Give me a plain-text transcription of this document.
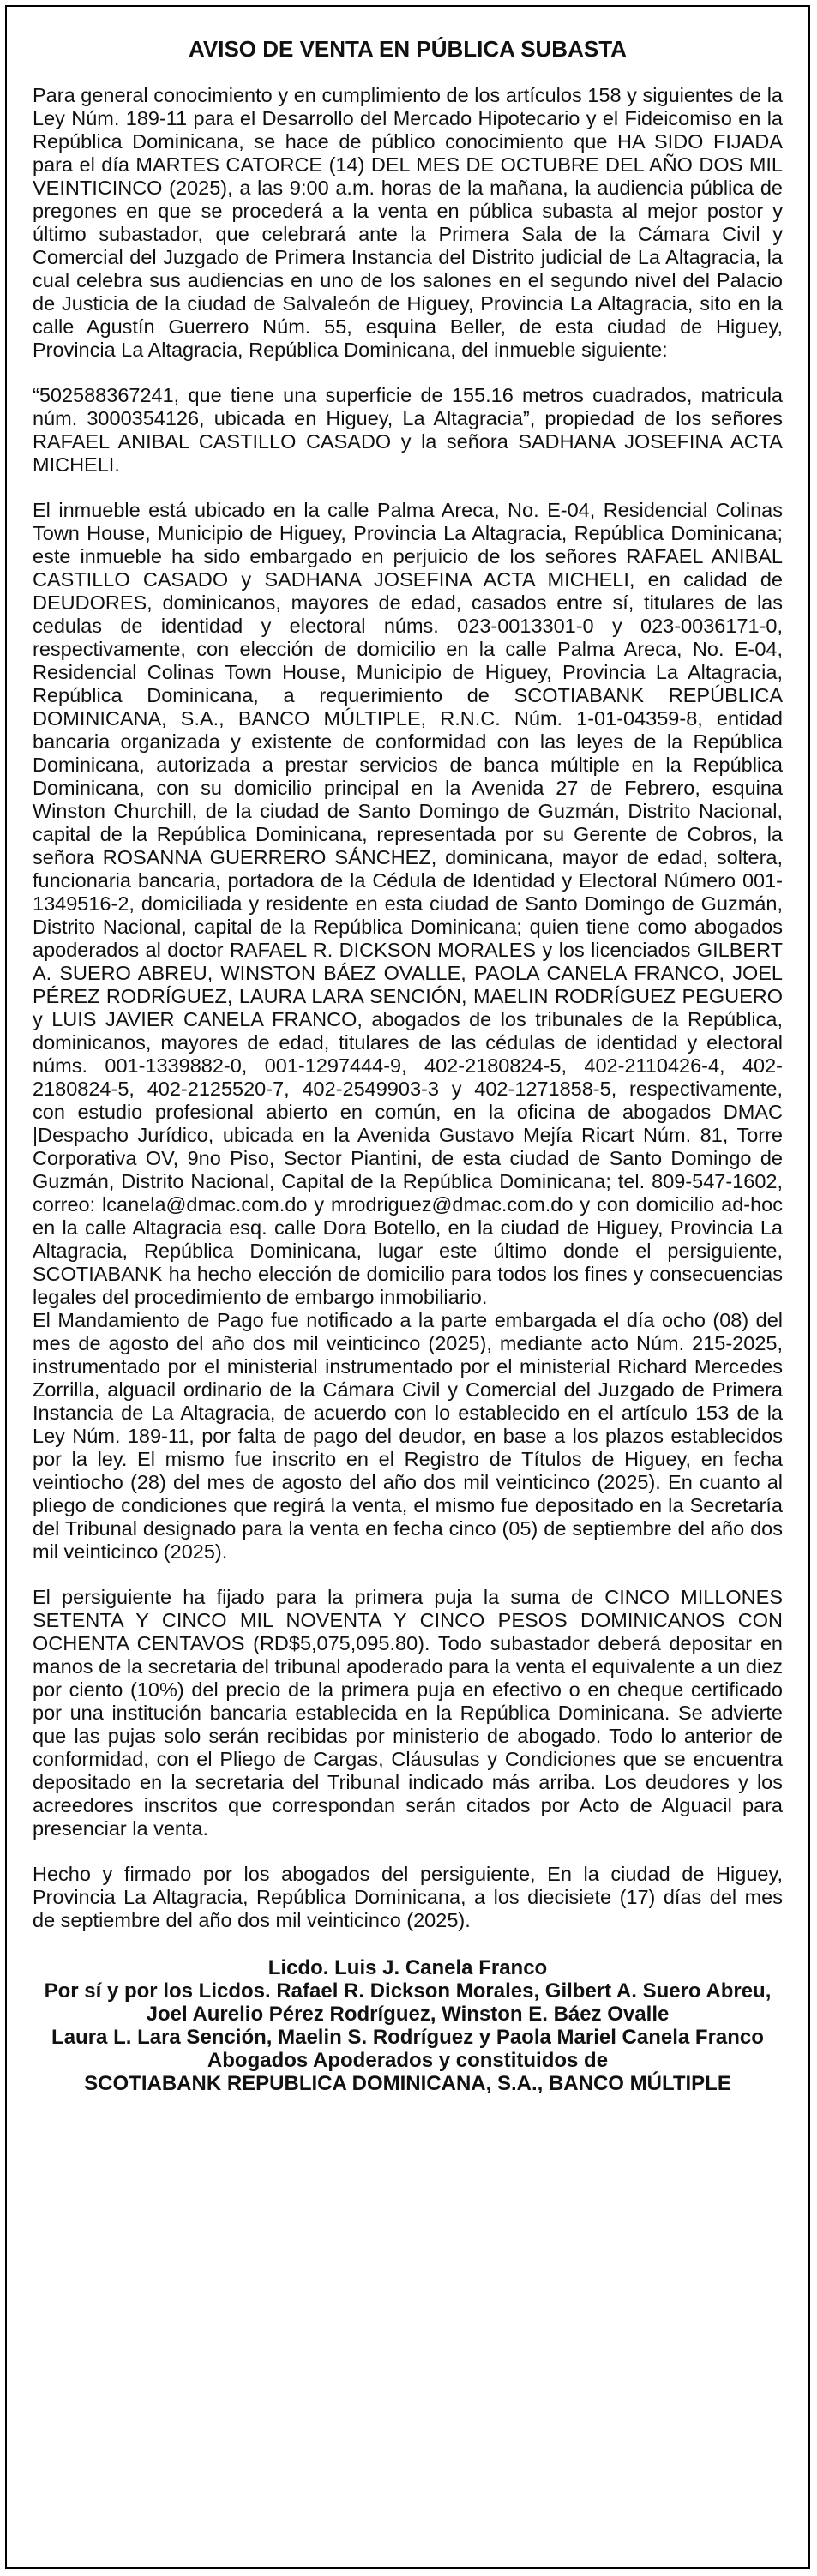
AVISO DE VENTA EN PÚBLICA SUBASTA

Para general conocimiento y en cumplimiento de los artículos 158 y siguientes de la Ley Núm. 189-11 para el Desarrollo del Mercado Hipotecario y el Fideicomiso en la República Dominicana, se hace de público conocimiento que HA SIDO FIJADA para el día MARTES CATORCE (14) DEL MES DE OCTUBRE DEL AÑO DOS MIL VEINTICINCO (2025), a las 9:00 a.m. horas de la mañana, la audiencia pública de pregones en que se procederá a la venta en pública subasta al mejor postor y último subastador, que celebrará ante la Primera Sala de la Cámara Civil y Comercial del Juzgado de Primera Instancia del Distrito judicial de La Altagracia, la cual celebra sus audiencias en uno de los salones en el segundo nivel del Palacio de Justicia de la ciudad de Salvaleón de Higuey, Provincia La Altagracia, sito en la calle Agustín Guerrero Núm. 55, esquina Beller, de esta ciudad de Higuey, Provincia La Altagracia, República Dominicana, del inmueble siguiente:

“502588367241, que tiene una superficie de 155.16 metros cuadrados, matricula núm. 3000354126, ubicada en Higuey, La Altagracia”, propiedad de los señores RAFAEL ANIBAL CASTILLO CASADO y la señora SADHANA JOSEFINA ACTA MICHELI.

El inmueble está ubicado en la calle Palma Areca, No. E-04, Residencial Colinas Town House, Municipio de Higuey, Provincia La Altagracia, República Dominicana; este inmueble ha sido embargado en perjuicio de los señores RAFAEL ANIBAL CASTILLO CASADO y SADHANA JOSEFINA ACTA MICHELI, en calidad de DEUDORES, dominicanos, mayores de edad, casados entre sí, titulares de las cedulas de identidad y electoral núms. 023-0013301-0 y 023-0036171-0, respectivamente, con elección de domicilio en la calle Palma Areca, No. E-04, Residencial Colinas Town House, Municipio de Higuey, Provincia La Altagracia, República Dominicana, a requerimiento de SCOTIABANK REPÚBLICA DOMINICANA, S.A., BANCO MÚLTIPLE, R.N.C. Núm. 1-01-04359-8, entidad bancaria organizada y existente de conformidad con las leyes de la República Dominicana, autorizada a prestar servicios de banca múltiple en la República Dominicana, con su domicilio principal en la Avenida 27 de Febrero, esquina Winston Churchill, de la ciudad de Santo Domingo de Guzmán, Distrito Nacional, capital de la República Dominicana, representada por su Gerente de Cobros, la señora ROSANNA GUERRERO SÁNCHEZ, dominicana, mayor de edad, soltera, funcionaria bancaria, portadora de la Cédula de Identidad y Electoral Número 001-1349516-2, domiciliada y residente en esta ciudad de Santo Domingo de Guzmán, Distrito Nacional, capital de la República Dominicana; quien tiene como abogados apoderados al doctor RAFAEL R. DICKSON MORALES y los licenciados GILBERT A. SUERO ABREU, WINSTON BÁEZ OVALLE, PAOLA CANELA FRANCO, JOEL PÉREZ RODRÍGUEZ, LAURA LARA SENCIÓN, MAELIN RODRÍGUEZ PEGUERO y LUIS JAVIER CANELA FRANCO, abogados de los tribunales de la República, dominicanos, mayores de edad, titulares de las cédulas de identidad y electoral núms. 001-1339882-0, 001-1297444-9, 402-2180824-5, 402-2110426-4, 402-2180824-5, 402-2125520-7, 402-2549903-3 y 402-1271858-5, respectivamente, con estudio profesional abierto en común, en la oficina de abogados DMAC |Despacho Jurídico, ubicada en la Avenida Gustavo Mejía Ricart Núm. 81, Torre Corporativa OV, 9no Piso, Sector Piantini, de esta ciudad de Santo Domingo de Guzmán, Distrito Nacional, Capital de la República Dominicana; tel. 809-547-1602, correo: lcanela@dmac.com.do y mrodriguez@dmac.com.do y con domicilio ad-hoc en la calle Altagracia esq. calle Dora Botello, en la ciudad de Higuey, Provincia La Altagracia, República Dominicana, lugar este último donde el persiguiente, SCOTIABANK ha hecho elección de domicilio para todos los fines y consecuencias legales del procedimiento de embargo inmobiliario.

El Mandamiento de Pago fue notificado a la parte embargada el día ocho (08) del mes de agosto del año dos mil veinticinco (2025), mediante acto Núm. 215-2025, instrumentado por el ministerial instrumentado por el ministerial Richard Mercedes Zorrilla, alguacil ordinario de la Cámara Civil y Comercial del Juzgado de Primera Instancia de La Altagracia, de acuerdo con lo establecido en el artículo 153 de la Ley Núm. 189-11, por falta de pago del deudor, en base a los plazos establecidos por la ley. El mismo fue inscrito en el Registro de Títulos de Higuey, en fecha veintiocho (28) del mes de agosto del año dos mil veinticinco (2025). En cuanto al pliego de condiciones que regirá la venta, el mismo fue depositado en la Secretaría del Tribunal designado para la venta en fecha cinco (05) de septiembre del año dos mil veinticinco (2025).

El persiguiente ha fijado para la primera puja la suma de CINCO MILLONES SETENTA Y CINCO MIL NOVENTA Y CINCO PESOS DOMINICANOS CON OCHENTA CENTAVOS (RD$5,075,095.80). Todo subastador deberá depositar en manos de la secretaria del tribunal apoderado para la venta el equivalente a un diez por ciento (10%) del precio de la primera puja en efectivo o en cheque certificado por una institución bancaria establecida en la República Dominicana. Se advierte que las pujas solo serán recibidas por ministerio de abogado. Todo lo anterior de conformidad, con el Pliego de Cargas, Cláusulas y Condiciones que se encuentra depositado en la secretaria del Tribunal indicado más arriba. Los deudores y los acreedores inscritos que correspondan serán citados por Acto de Alguacil para presenciar la venta.

Hecho y firmado por los abogados del persiguiente, En la ciudad de Higuey, Provincia La Altagracia, República Dominicana, a los diecisiete (17) días del mes de septiembre del año dos mil veinticinco (2025).

Licdo. Luis J. Canela Franco
Por sí y por los Licdos. Rafael R. Dickson Morales, Gilbert A. Suero Abreu, Joel Aurelio Pérez Rodríguez, Winston E. Báez Ovalle
Laura L. Lara Sención, Maelin S. Rodríguez y Paola Mariel Canela Franco
Abogados Apoderados y constituidos de
SCOTIABANK REPUBLICA DOMINICANA, S.A., BANCO MÚLTIPLE
